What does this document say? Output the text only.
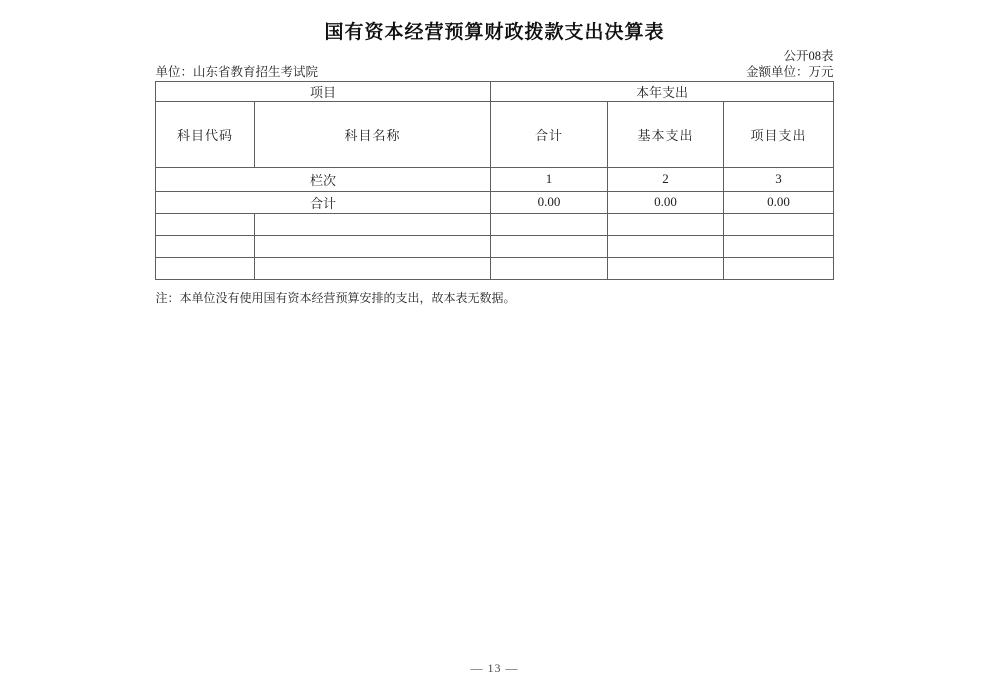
国有资本经营预算财政拨款支出决算表
公开08表
单位：山东省教育招生考试院	金额单位：万元
项目		本年支出		
科目代码	科目名称	合计	基本支出	项目支出
栏次		1	2	3
合计		0.00	0.00	0.00

注：本单位没有使用国有资本经营预算安排的支出，故本表无数据。
— 13 —
